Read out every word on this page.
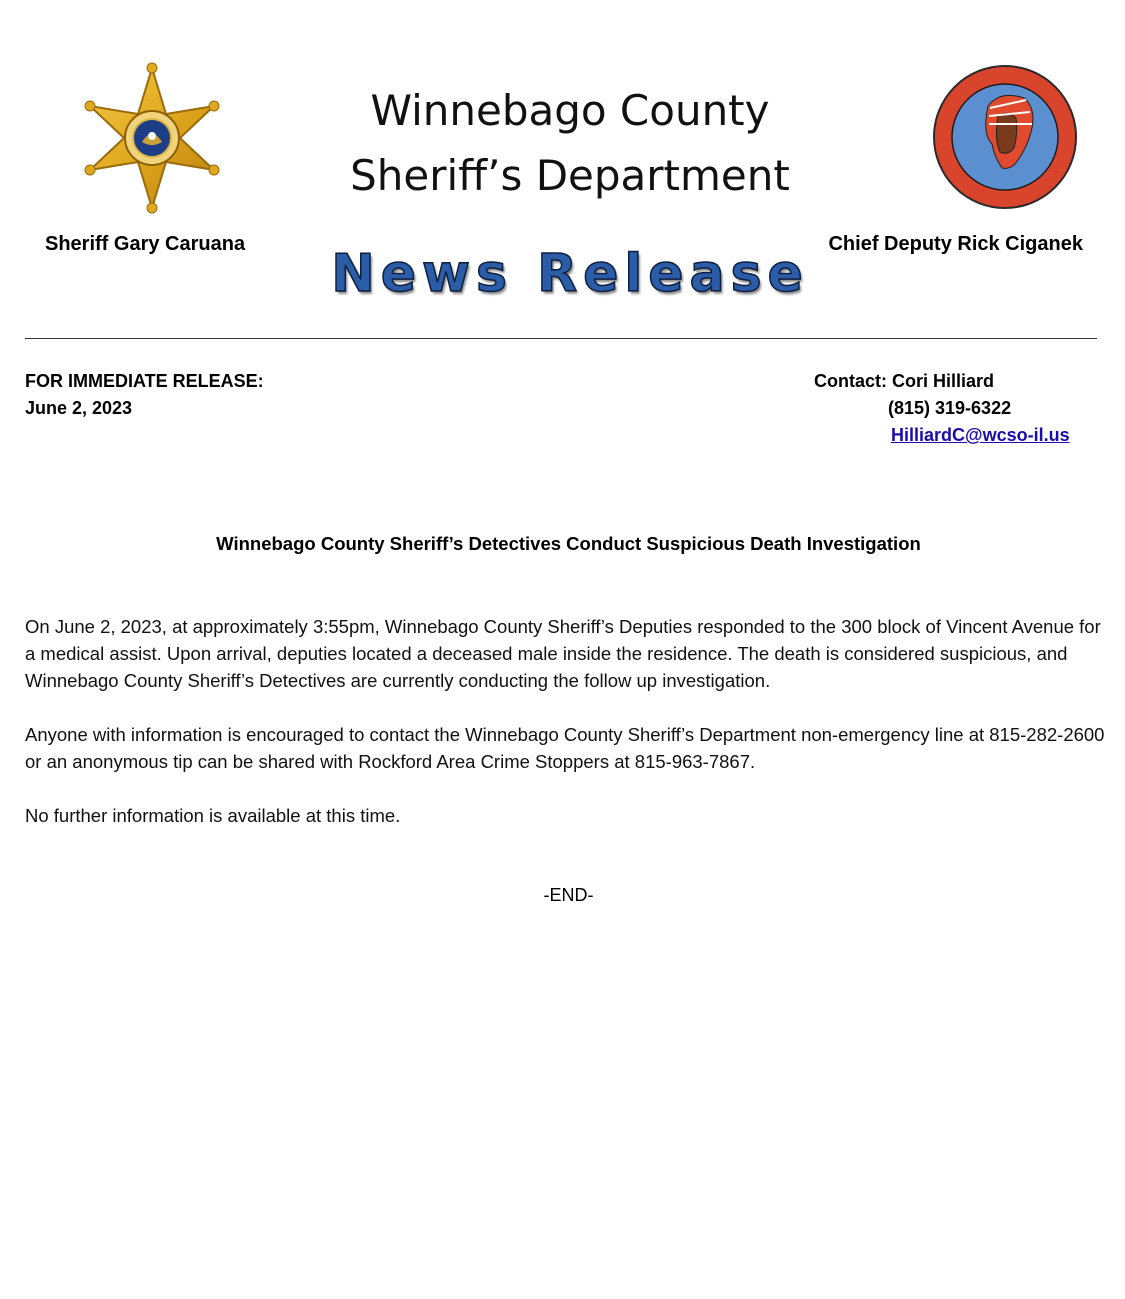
Winnebago County
Sheriff’s Department
Sheriff Gary Caruana	Chief Deputy Rick Ciganek
News Release
FOR IMMEDIATE RELEASE:
June 2, 2023
Contact: Cori Hilliard
(815) 319-6322
HilliardC@wcso-il.us
Winnebago County Sheriff’s Detectives Conduct Suspicious Death Investigation
On June 2, 2023, at approximately 3:55pm, Winnebago County Sheriff’s Deputies responded to the 300 block of Vincent Avenue for a medical assist. Upon arrival, deputies located a deceased male inside the residence. The death is considered suspicious, and Winnebago County Sheriff’s Detectives are currently conducting the follow up investigation.
Anyone with information is encouraged to contact the Winnebago County Sheriff’s Department non-emergency line at 815-282-2600 or an anonymous tip can be shared with Rockford Area Crime Stoppers at 815-963-7867.
No further information is available at this time.
-END-
